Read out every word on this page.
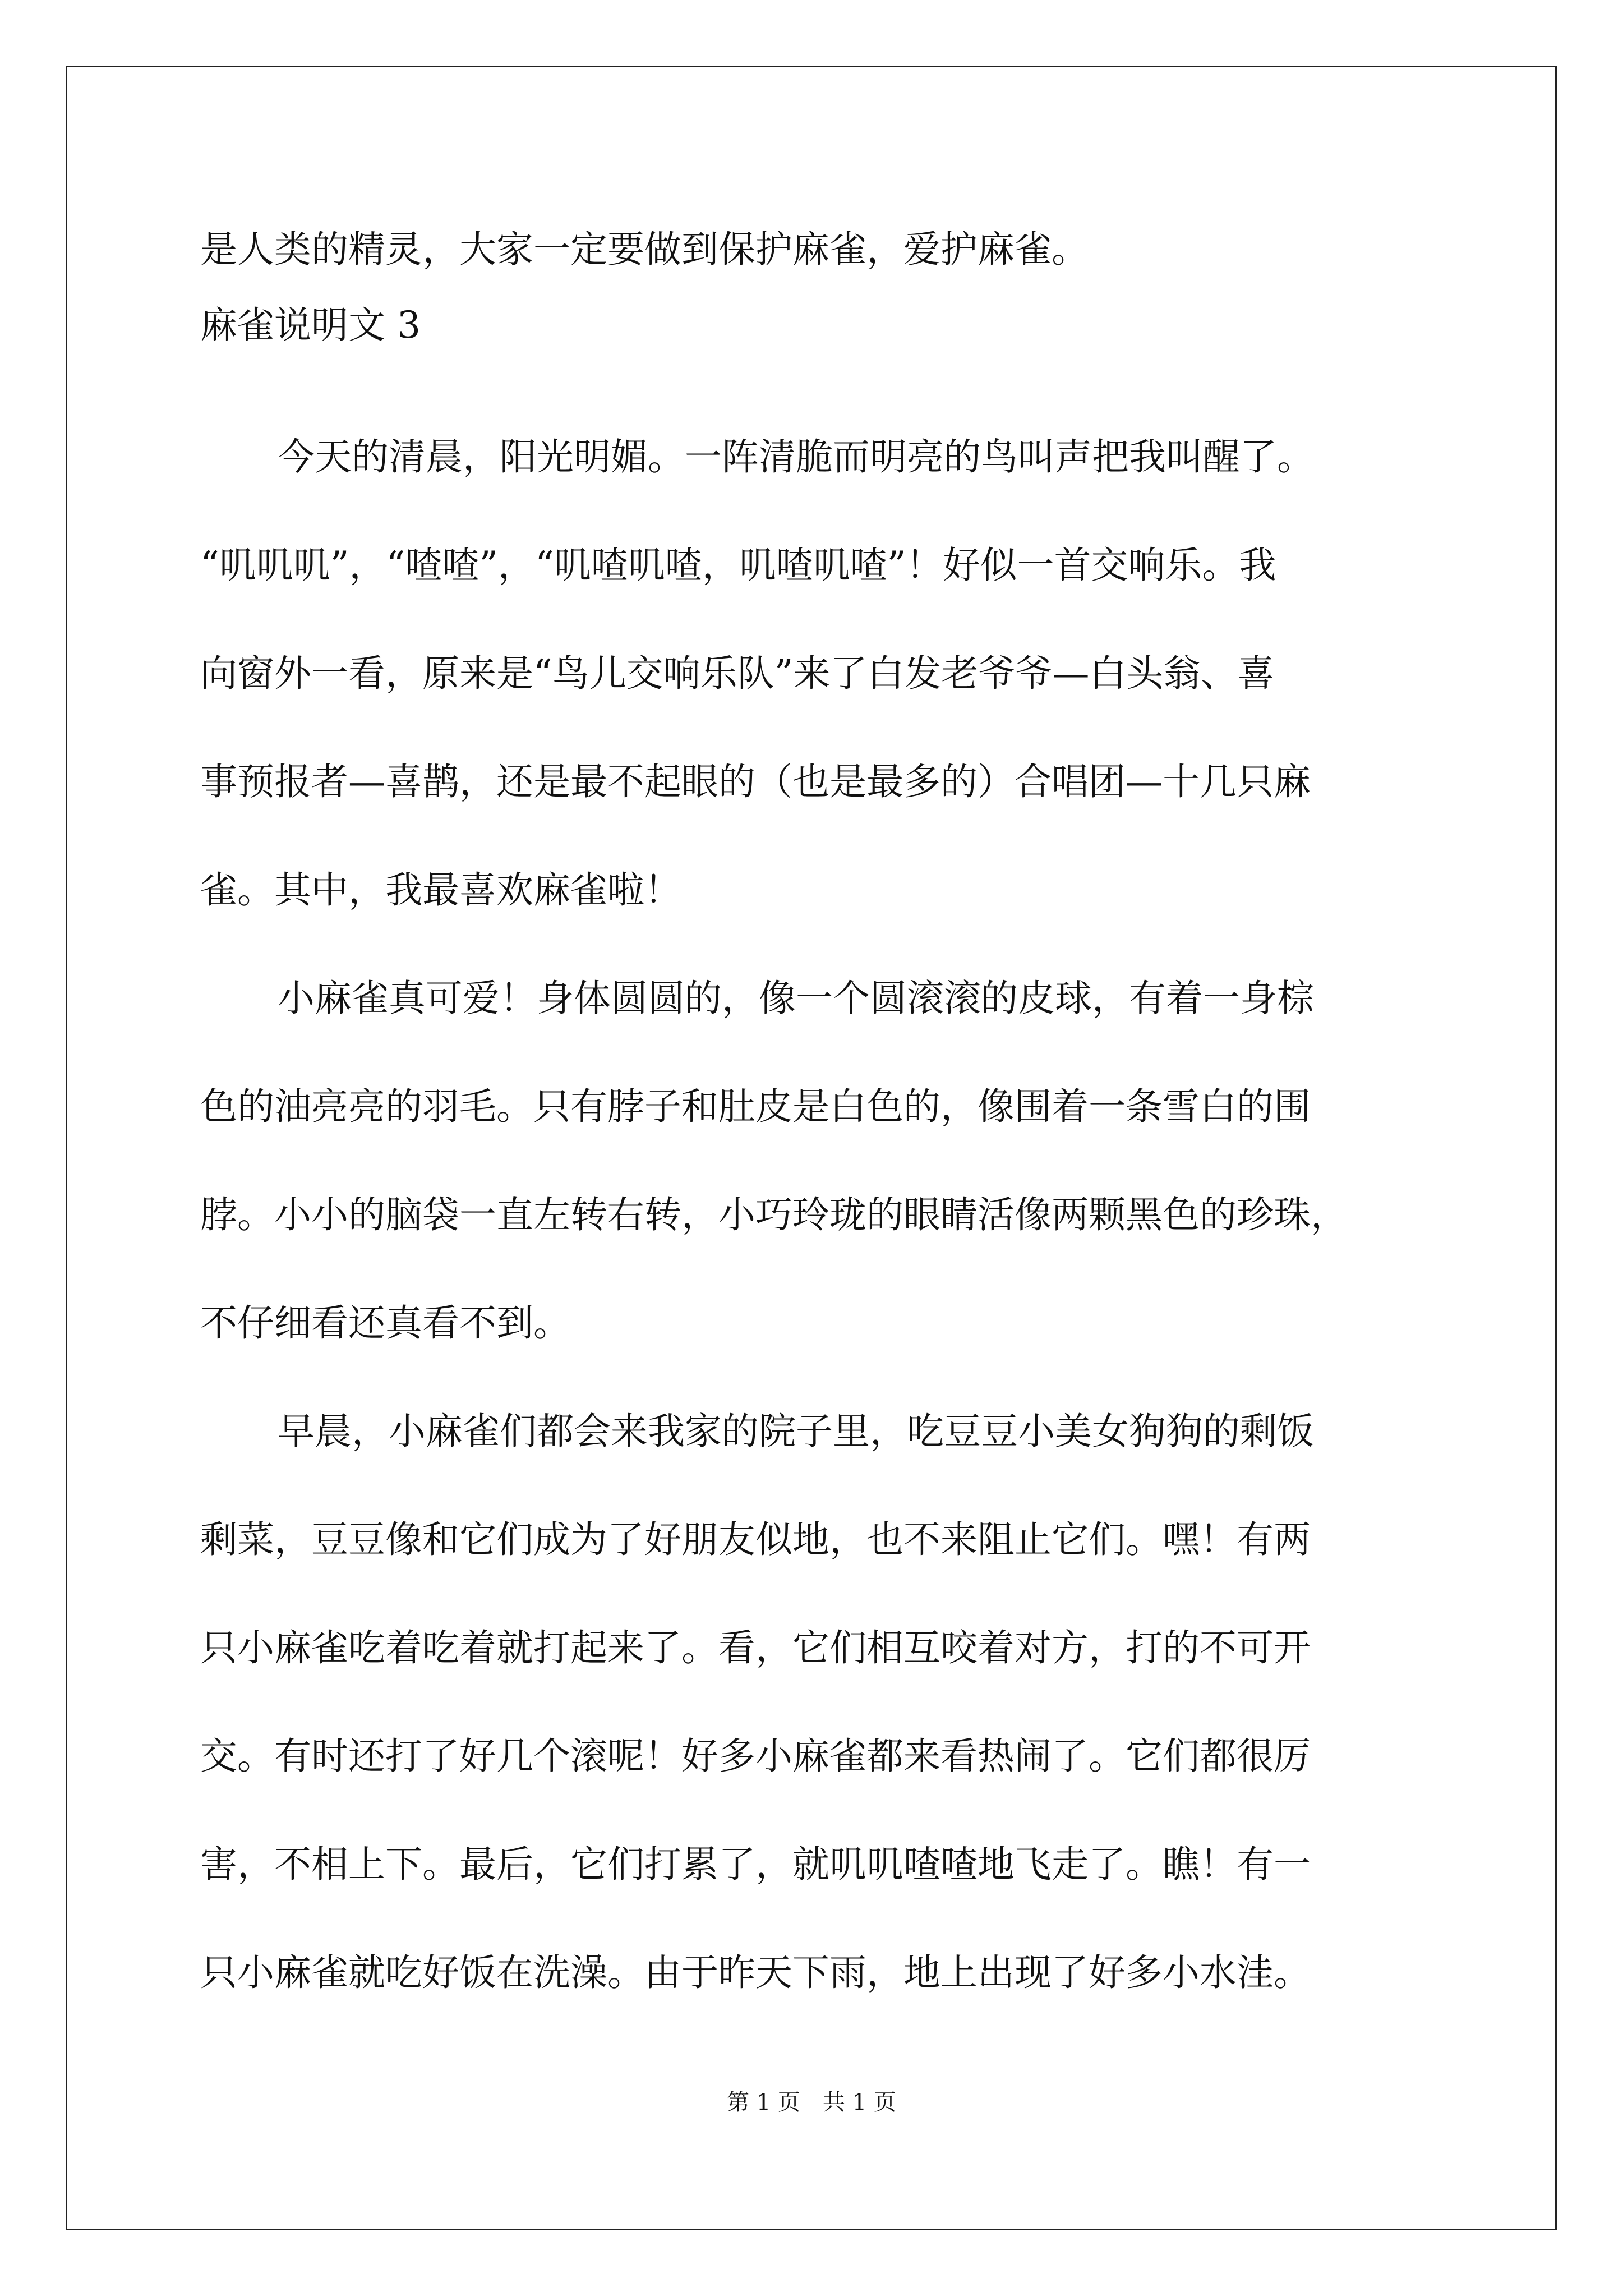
是人类的精灵，大家一定要做到保护麻雀，爱护麻雀。
麻雀说明文 3
今天的清晨，阳光明媚。一阵清脆而明亮的鸟叫声把我叫醒了。
“叽叽叽”，“喳喳”，“叽喳叽喳，叽喳叽喳”！好似一首交响乐。我
向窗外一看，原来是“鸟儿交响乐队”来了白发老爷爷—白头翁、喜
事预报者—喜鹊，还是最不起眼的（也是最多的）合唱团—十几只麻
雀。其中，我最喜欢麻雀啦！
小麻雀真可爱！身体圆圆的，像一个圆滚滚的皮球，有着一身棕
色的油亮亮的羽毛。只有脖子和肚皮是白色的，像围着一条雪白的围
脖。小小的脑袋一直左转右转，小巧玲珑的眼睛活像两颗黑色的珍珠，
不仔细看还真看不到。
早晨，小麻雀们都会来我家的院子里，吃豆豆小美女狗狗的剩饭
剩菜，豆豆像和它们成为了好朋友似地，也不来阻止它们。嘿！有两
只小麻雀吃着吃着就打起来了。看，它们相互咬着对方，打的不可开
交。有时还打了好几个滚呢！好多小麻雀都来看热闹了。它们都很厉
害，不相上下。最后，它们打累了，就叽叽喳喳地飞走了。瞧！有一
只小麻雀就吃好饭在洗澡。由于昨天下雨，地上出现了好多小水洼。
第 1 页 共 1 页
